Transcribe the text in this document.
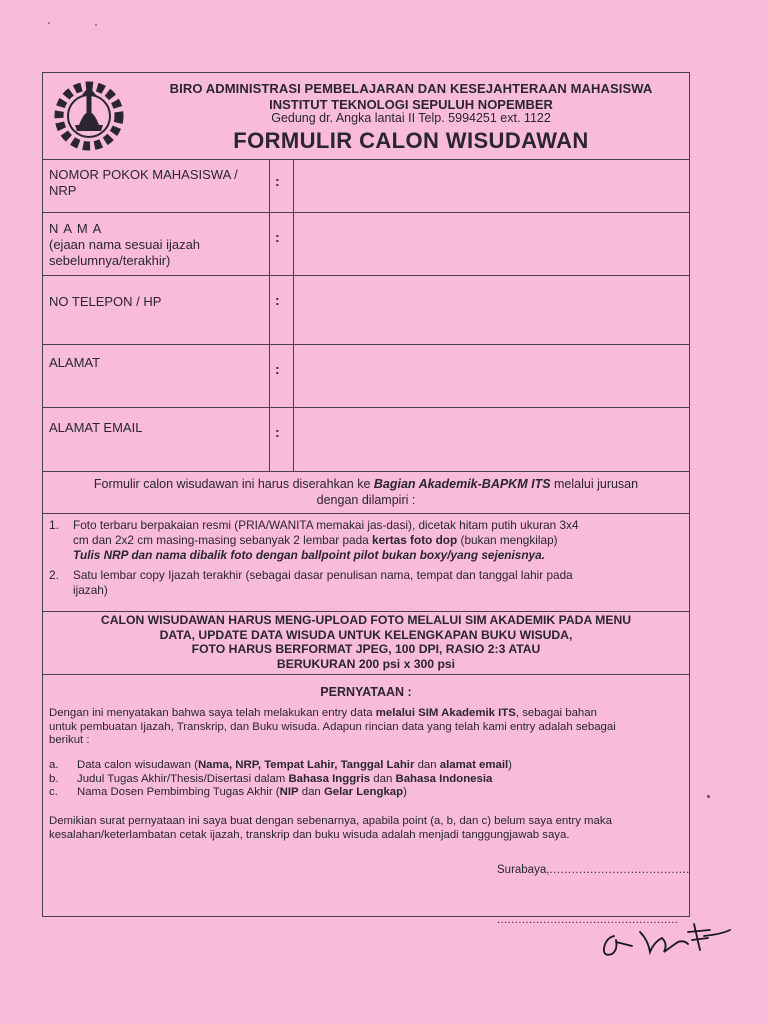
BIRO ADMINISTRASI PEMBELAJARAN DAN KESEJAHTERAAN MAHASISWA
INSTITUT TEKNOLOGI SEPULUH NOPEMBER
Gedung dr. Angka lantai II Telp. 5994251 ext. 1122
FORMULIR CALON WISUDAWAN
NOMOR POKOK MAHASISWA /
NRP
:
N A M A
(ejaan nama sesuai ijazah
sebelumnya/terakhir)
:
NO TELEPON / HP	:
ALAMAT	:
ALAMAT EMAIL	:
Formulir calon wisudawan ini harus diserahkan ke Bagian Akademik-BAPKM ITS melalui jurusan
dengan dilampiri :
1. Foto terbaru berpakaian resmi (PRIA/WANITA memakai jas-dasi), dicetak hitam putih ukuran 3x4
cm dan 2x2 cm masing-masing sebanyak 2 lembar pada kertas foto dop (bukan mengkilap)
Tulis NRP dan nama dibalik foto dengan ballpoint pilot bukan boxy/yang sejenisnya.
2. Satu lembar copy Ijazah terakhir (sebagai dasar penulisan nama, tempat dan tanggal lahir pada
ijazah)
CALON WISUDAWAN HARUS MENG-UPLOAD FOTO MELALUI SIM AKADEMIK PADA MENU
DATA, UPDATE DATA WISUDA UNTUK KELENGKAPAN BUKU WISUDA,
FOTO HARUS BERFORMAT JPEG, 100 DPI, RASIO 2:3 ATAU
BERUKURAN 200 psi x 300 psi
PERNYATAAN :
Dengan ini menyatakan bahwa saya telah melakukan entry data melalui SIM Akademik ITS, sebagai bahan
untuk pembuatan Ijazah, Transkrip, dan Buku wisuda. Adapun rincian data yang telah kami entry adalah sebagai
berikut :
a. Data calon wisudawan (Nama, NRP, Tempat Lahir, Tanggal Lahir dan alamat email)
b. Judul Tugas Akhir/Thesis/Disertasi dalam Bahasa Inggris dan Bahasa Indonesia
c. Nama Dosen Pembimbing Tugas Akhir (NIP dan Gelar Lengkap)
Demikian surat pernyataan ini saya buat dengan sebenarnya, apabila point (a, b, dan c) belum saya entry maka
kesalahan/keterlambatan cetak ijazah, transkrip dan buku wisuda adalah menjadi tanggungjawab saya.
Surabaya,......................................
...................................................
